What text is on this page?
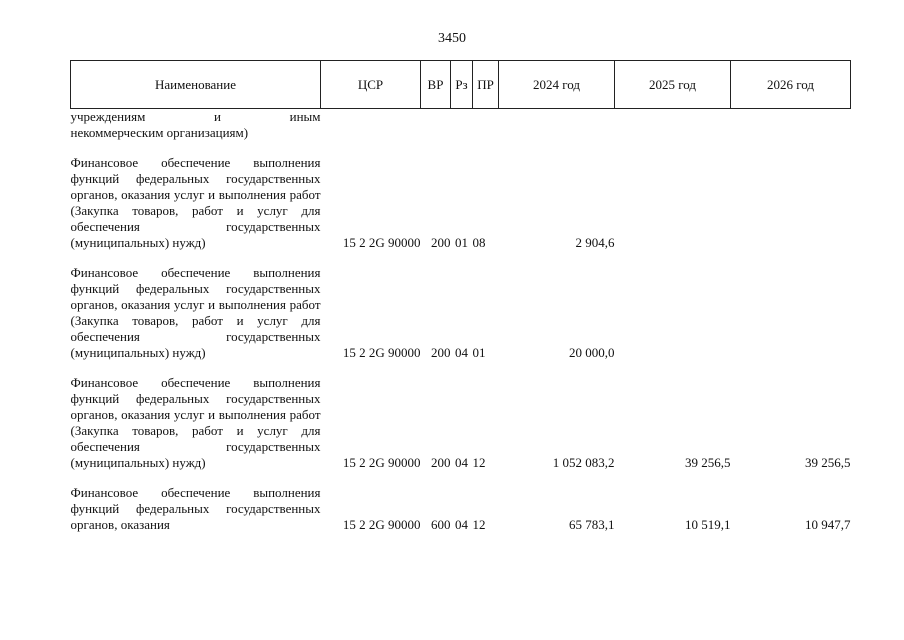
3450
Наименование	ЦСР	ВР	Рз	ПР	2024 год	2025 год	2026 год

учреждениям и иным
некоммерческим организациям)							

Финансовое обеспечение выполнения функций федеральных государственных органов, оказания услуг и выполнения работ (Закупка товаров, работ и услуг для обеспечения государственных (муниципальных) нужд)	15 2 2G 90000	200	01	08	2 904,6		

Финансовое обеспечение выполнения функций федеральных государственных органов, оказания услуг и выполнения работ (Закупка товаров, работ и услуг для обеспечения государственных (муниципальных) нужд)	15 2 2G 90000	200	04	01	20 000,0		

Финансовое обеспечение выполнения функций федеральных государственных органов, оказания услуг и выполнения работ (Закупка товаров, работ и услуг для обеспечения государственных (муниципальных) нужд)	15 2 2G 90000	200	04	12	1 052 083,2	39 256,5	39 256,5

Финансовое обеспечение выполнения функций федеральных государственных органов, оказания	15 2 2G 90000	600	04	12	65 783,1	10 519,1	10 947,7
